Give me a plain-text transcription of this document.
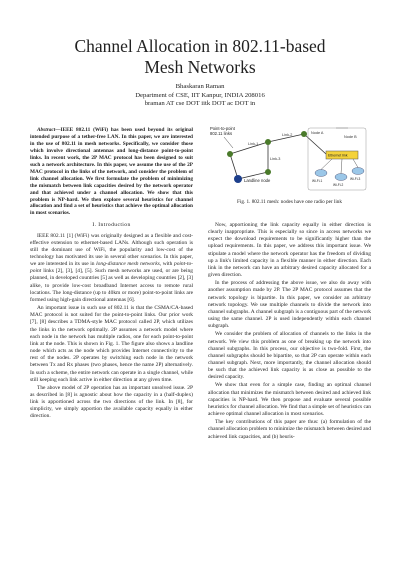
Channel Allocation in 802.11-based
Mesh Networks
Bhaskaran Raman
Department of CSE, IIT Kanpur, INDIA 208016
braman AT cse DOT iitk DOT ac DOT in
Abstract—IEEE 802.11 (WiFi) has been used beyond its original intended purpose of a tether-free LAN. In this paper, we are interested in the use of 802.11 in mesh networks. Specifically, we consider those which involve directional antennas and long-distance point-to-point links. In recent work, the 2P MAC protocol has been designed to suit such a network architecture. In this paper, we assume the use of the 2P MAC protocol in the links of the network, and consider the problem of link channel allocation. We first formulate the problem of minimizing the mismatch between link capacities desired by the network operator and that achieved under a channel allocation. We show that this problem is NP-hard. We then explore several heuristics for channel allocation and find a set of heuristics that achieve the optimal allocation in most scenarios.
I. Introduction

IEEE 802.11 [1] (WiFi) was originally designed as a flexible and cost-effective extension to ethernet-based LANs. Although such operation is still the dominant use of WiFi, the popularity and low-cost of the technology has motivated its use in several other scenarios. In this paper, we are interested in its use in long-distance mesh networks, with point-to-point links [2], [3], [4], [5]. Such mesh networks are used, or are being planned, in developed countries [5] as well as developing countries [2], [3] alike, to provide low-cost broadband Internet access to remote rural locations. The long-distance (up to 40km or more) point-to-point links are formed using high-gain directional antennas [6].

An important issue in such use of 802.11 is that the CSMA/CA-based MAC protocol is not suited for the point-to-point links. Our prior work [7], [8] describes a TDMA-style MAC protocol called 2P, which utilizes the links in the network optimally. 2P assumes a network model where each node in the network has multiple radios, one for each point-to-point link at the node. This is shown in Fig. 1. The figure also shows a landline node which acts as the node which provides Internet connectivity to the rest of the nodes. 2P operates by switching each node in the network between Tx and Rx phases (two phases, hence the name 2P) alternatively. In such a scheme, the entire network can operate in a single channel, while still keeping each link active in either direction at any given time.

The above model of 2P operation has an important unsolved issue. 2P as described in [8] is agnostic about how the capacity in a (half-duplex) link is apportioned across the two directions of the link. In [8], for simplicity, we simply apportion the available capacity equally in either direction.

Point-to-point
802.11 links
Landline node
Link-1
Link-2
Link-3
Node A
Ethernet link
Wi-Fi-1
Wi-Fi-2
Wi-Fi-3
Node B
Fig. 1. 802.11 mesh: nodes have one radio per link

Now, apportioning the link capacity equally in either direction is clearly inappropriate. This is especially so since in access networks we expect the download requirements to be significantly higher than the upload requirements. In this paper, we address this important issue. We stipulate a model where the network operator has the freedom of dividing up a link's limited capacity in a flexible manner in either direction. Each link in the network can have an arbitrary desired capacity allocated for a given direction.

In the process of addressing the above issue, we also do away with another assumption made by 2P. The 2P MAC protocol assumes that the network topology is bipartite. In this paper, we consider an arbitrary network topology. We use multiple channels to divide the network into channel subgraphs. A channel subgraph is a contiguous part of the network using the same channel. 2P is used independently within each channel subgraph.

We consider the problem of allocation of channels to the links in the network. We view this problem as one of breaking up the network into channel subgraphs. In this process, our objective is two-fold. First, the channel subgraphs should be bipartite, so that 2P can operate within each channel subgraph. Next, more importantly, the channel allocation should be such that the achieved link capacity is as close as possible to the desired capacity.

We show that even for a simple case, finding an optimal channel allocation that minimizes the mismatch between desired and achieved link capacities is NP-hard. We then propose and evaluate several possible heuristics for channel allocation. We find that a simple set of heuristics can achieve optimal channel allocation in most scenarios.

The key contributions of this paper are thus: (a) formulation of the channel allocation problem to minimize the mismatch between desired and achieved link capacities, and (b) heuris-
